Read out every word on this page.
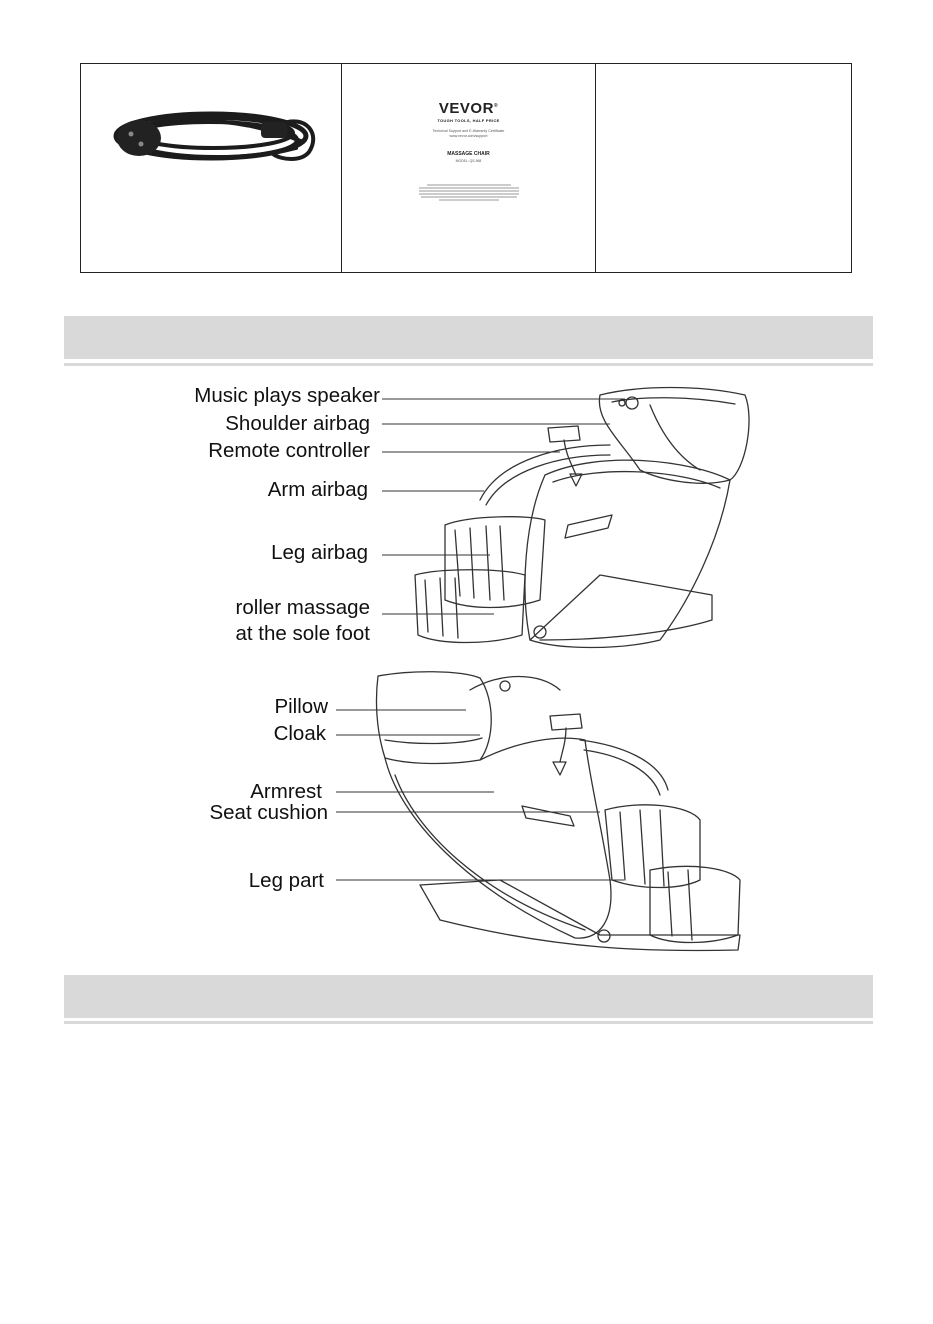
VEVOR®
TOUGH TOOLS, HALF PRICE
Technical Support and E-Warranty Certificate
www.vevor.com/support
MASSAGE CHAIR
MODEL: QS-968
Music plays speaker
Shoulder airbag
Remote controller
Arm airbag
Leg airbag
roller massage
at the sole foot
Pillow
Cloak
Armrest
Seat cushion
Leg part
